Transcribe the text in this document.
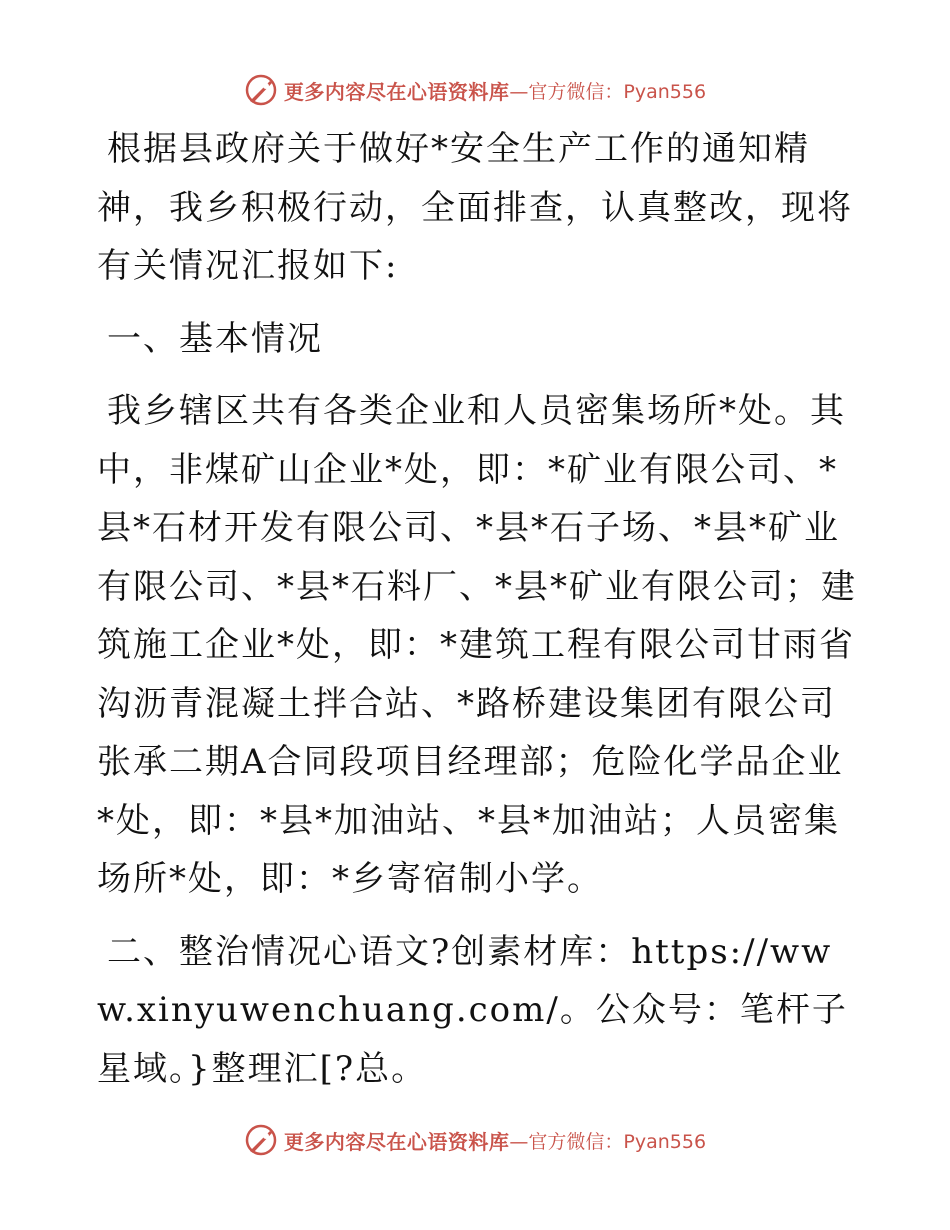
更多内容尽在心语资料库 —官方微信：Pyan556

根据县政府关于做好*安全生产工作的通知精神，我乡积极行动，全面排查，认真整改，现将有关情况汇报如下:

一、基本情况

我乡辖区共有各类企业和人员密集场所*处。其中，非煤矿山企业*处，即：*矿业有限公司、*县*石材开发有限公司、*县*石子场、*县*矿业有限公司、*县*石料厂、*县*矿业有限公司；建筑施工企业*处，即：*建筑工程有限公司甘雨省沟沥青混凝土拌合站、*路桥建设集团有限公司张承二期A合同段项目经理部；危险化学品企业*处，即：*县*加油站、*县*加油站；人员密集场所*处，即：*乡寄宿制小学。

二、整治情况心语文?创素材库：https://www.xinyuwenchuang.com/。公众号：笔杆子星域。}整理汇[?总。

更多内容尽在心语资料库 —官方微信：Pyan556
